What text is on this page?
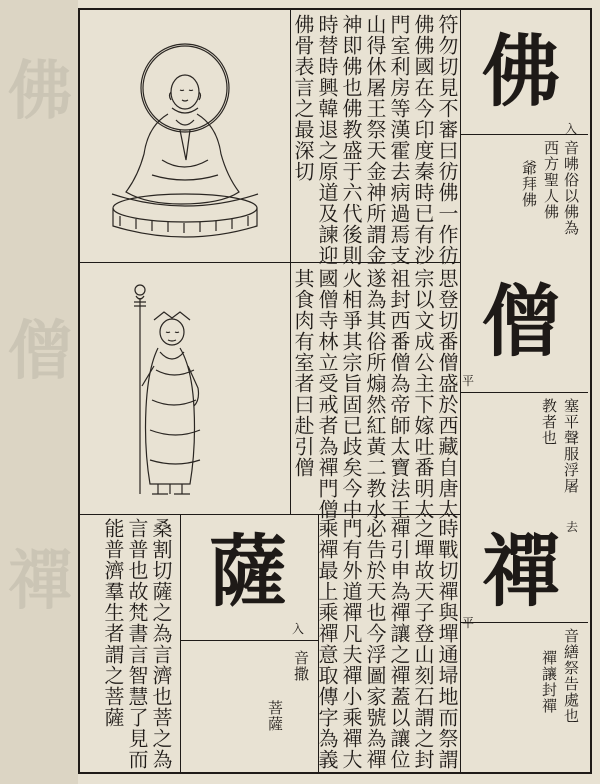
佛
僧
禪
佛
入
音咈俗以佛為
西方聖人佛
爺拜佛
符勿切見不審曰彷佛一作彷
佛佛國在今印度秦時已有沙
門室利房等漢霍去病過焉支
山得休屠王祭天金神所謂金
神即佛也佛教盛于六代後則
時替時興韓退之原道及諫迎
佛骨表言之最深切
僧
平
塞平聲服浮屠
教者也
去
思登切番僧盛於西藏自唐太
宗以文成公主下嫁吐番明太
祖封西番僧為帝師太寶法王
遂為其俗所煽然紅黃二教水
火相爭其宗旨固已歧矣今中
國僧寺林立受戒者為禪門僧
其食肉有室者曰赴引僧
禪
平
音繕祭告處也
禪讓封禪
時戰切禪與墠通埽地而祭謂
之墠故天子登山刻石謂之封
禪引申為禪讓之禪蓋以讓位
必告於天也今浮圖家號為禪
門有外道禪凡夫禪小乘禪大
乘禪最上乘禪意取傳字為義
薩
入
音撒
菩薩
桑割切薩之為言濟也菩之為
言普也故梵書言智慧了見而
能普濟羣生者謂之菩薩
